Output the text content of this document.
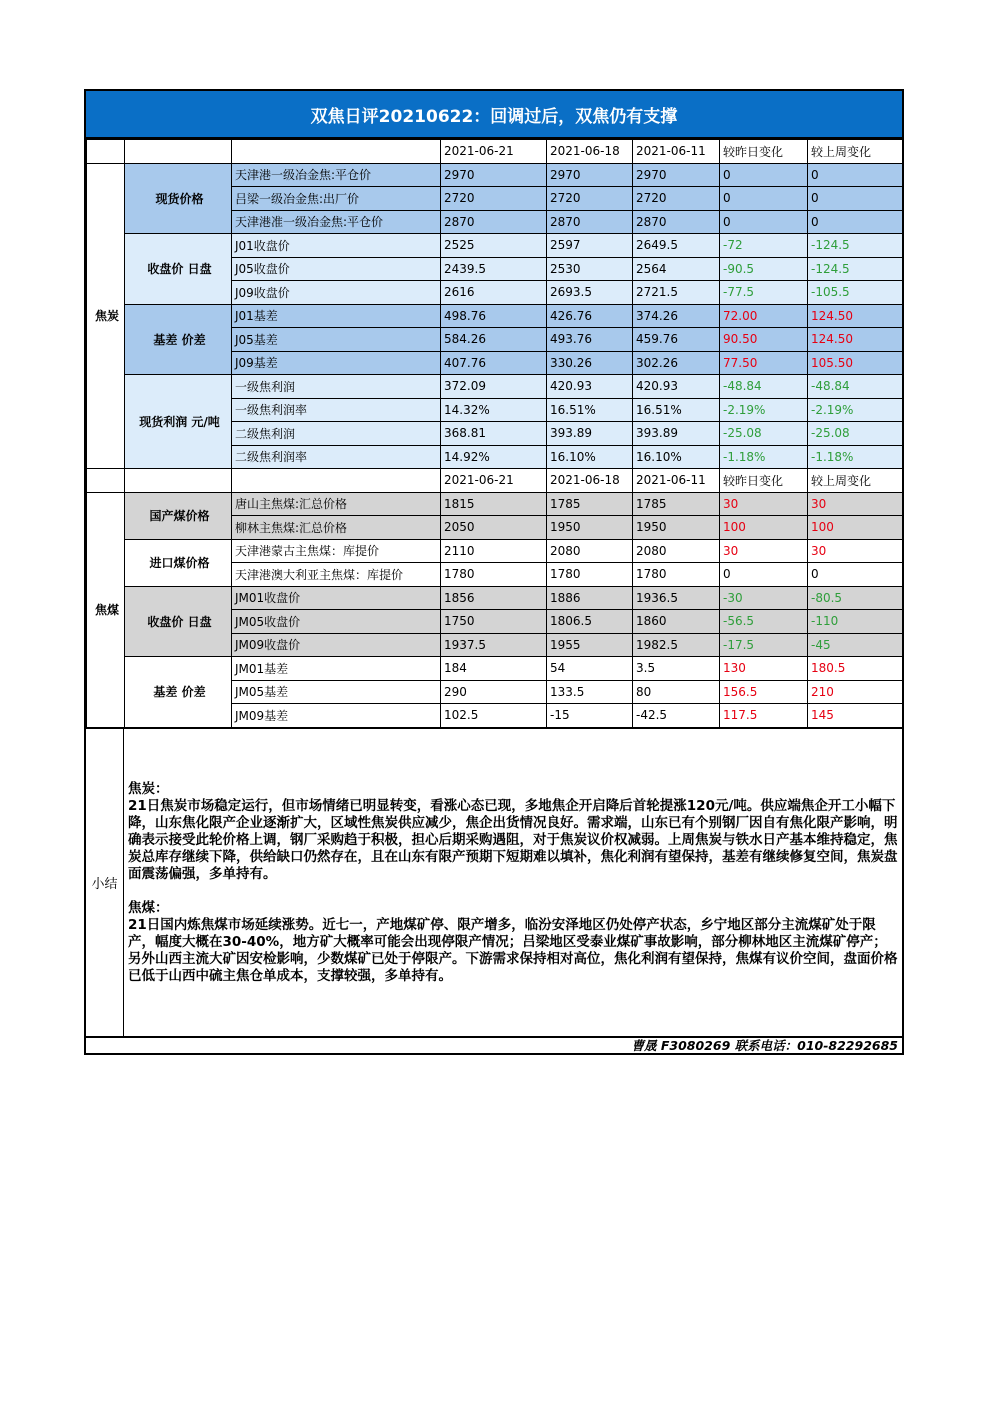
双焦日评20210622：回调过后，双焦仍有支撑
			2021-06-21	2021-06-18	2021-06-11	较昨日变化	较上周变化
焦炭	现货价格	天津港一级冶金焦:平仓价	2970	2970	2970	0	0
		吕梁一级冶金焦:出厂价	2720	2720	2720	0	0
		天津港准一级冶金焦:平仓价	2870	2870	2870	0	0
	收盘价 日盘	J01收盘价	2525	2597	2649.5	-72	-124.5
		J05收盘价	2439.5	2530	2564	-90.5	-124.5
		J09收盘价	2616	2693.5	2721.5	-77.5	-105.5
	基差 价差	J01基差	498.76	426.76	374.26	72.00	124.50
		J05基差	584.26	493.76	459.76	90.50	124.50
		J09基差	407.76	330.26	302.26	77.50	105.50
	现货利润 元/吨	一级焦利润	372.09	420.93	420.93	-48.84	-48.84
		一级焦利润率	14.32%	16.51%	16.51%	-2.19%	-2.19%
		二级焦利润	368.81	393.89	393.89	-25.08	-25.08
		二级焦利润率	14.92%	16.10%	16.10%	-1.18%	-1.18%
			2021-06-21	2021-06-18	2021-06-11	较昨日变化	较上周变化
焦煤	国产煤价格	唐山主焦煤:汇总价格	1815	1785	1785	30	30
		柳林主焦煤:汇总价格	2050	1950	1950	100	100
	进口煤价格	天津港蒙古主焦煤：库提价	2110	2080	2080	30	30
		天津港澳大利亚主焦煤：库提价	1780	1780	1780	0	0
	收盘价 日盘	JM01收盘价	1856	1886	1936.5	-30	-80.5
		JM05收盘价	1750	1806.5	1860	-56.5	-110
		JM09收盘价	1937.5	1955	1982.5	-17.5	-45
	基差 价差	JM01基差	184	54	3.5	130	180.5
		JM05基差	290	133.5	80	156.5	210
		JM09基差	102.5	-15	-42.5	117.5	145
小结

焦炭：

21日焦炭市场稳定运行，但市场情绪已明显转变，看涨心态已现，多地焦企开启降后首轮提涨120元/吨。供应端焦企开工小幅下降，山东焦化限产企业逐渐扩大，区域性焦炭供应减少，焦企出货情况良好。需求端，山东已有个别钢厂因自有焦化限产影响，明确表示接受此轮价格上调，钢厂采购趋于积极，担心后期采购遇阻，对于焦炭议价权减弱。上周焦炭与铁水日产基本维持稳定，焦炭总库存继续下降，供给缺口仍然存在，且在山东有限产预期下短期难以填补，焦化利润有望保持，基差有继续修复空间，焦炭盘面震荡偏强，多单持有。

焦煤：

21日国内炼焦煤市场延续涨势。近七一，产地煤矿停、限产增多，临汾安泽地区仍处停产状态，乡宁地区部分主流煤矿处于限产，幅度大概在30-40%，地方矿大概率可能会出现停限产情况；吕梁地区受泰业煤矿事故影响，部分柳林地区主流煤矿停产；另外山西主流大矿因安检影响，少数煤矿已处于停限产。下游需求保持相对高位，焦化利润有望保持，焦煤有议价空间，盘面价格已低于山西中硫主焦仓单成本，支撑较强，多单持有。

曹晟 F3080269 联系电话：010-82292685
